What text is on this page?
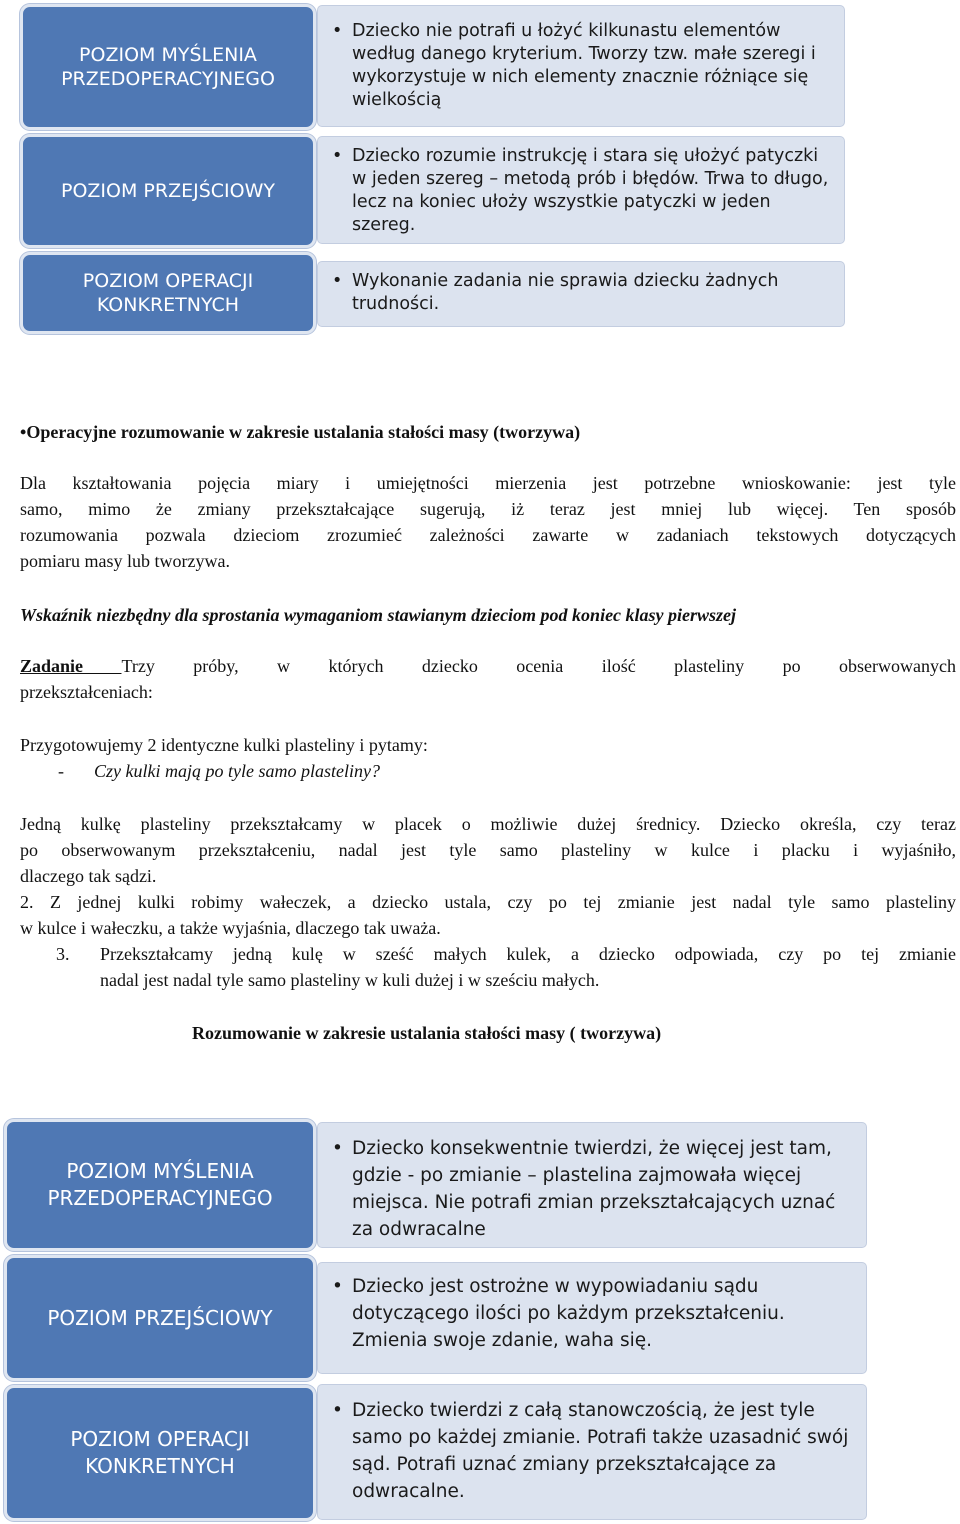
• Dziecko nie potrafi u łożyć kilkunastu elementów według danego kryterium. Tworzy tzw. małe szeregi i wykorzystuje w nich elementy znacznie różniące się wielkością
POZIOM MYŚLENIA
PRZEDOPERACYJNEGO
• Dziecko rozumie instrukcję i stara się ułożyć patyczki w jeden szereg – metodą prób i błędów. Trwa to długo, lecz na koniec ułoży wszystkie patyczki w jeden szereg.
POZIOM PRZEJŚCIOWY
• Wykonanie zadania nie sprawia dziecku żadnych trudności.
POZIOM OPERACJI
KONKRETNYCH
•Operacyjne rozumowanie w zakresie ustalania stałości masy (tworzywa)
Dla kształtowania pojęcia miary i umiejętności mierzenia jest potrzebne wnioskowanie: jest tyle
samo, mimo że zmiany przekształcające sugerują, iż teraz jest mniej lub więcej. Ten sposób
rozumowania pozwala dzieciom zrozumieć zależności zawarte w zadaniach tekstowych dotyczących
pomiaru masy lub tworzywa.
Wskaźnik niezbędny dla sprostania wymaganiom stawianym dzieciom pod koniec klasy pierwszej
Zadanie Trzy próby, w których dziecko ocenia ilość plasteliny po obserwowanych
przekształceniach:
Przygotowujemy 2 identyczne kulki plasteliny i pytamy:
- Czy kulki mają po tyle samo plasteliny?
Jedną kulkę plasteliny przekształcamy w placek o możliwie dużej średnicy. Dziecko określa, czy teraz
po obserwowanym przekształceniu, nadal jest tyle samo plasteliny w kulce i placku i wyjaśniło,
dlaczego tak sądzi.
2. Z jednej kulki robimy wałeczek, a dziecko ustala, czy po tej zmianie jest nadal tyle samo plasteliny
w kulce i wałeczku, a także wyjaśnia, dlaczego tak uważa.
3.	Przekształcamy jedną kulę w sześć małych kulek, a dziecko odpowiada, czy po tej zmianie
nadal jest nadal tyle samo plasteliny w kuli dużej i w sześciu małych.
Rozumowanie w zakresie ustalania stałości masy ( tworzywa)
• Dziecko konsekwentnie twierdzi, że więcej jest tam, gdzie - po zmianie – plastelina zajmowała więcej miejsca. Nie potrafi zmian przekształcających uznać za odwracalne
POZIOM MYŚLENIA
PRZEDOPERACYJNEGO
• Dziecko jest ostrożne w wypowiadaniu sądu dotyczącego ilości po każdym przekształceniu. Zmienia swoje zdanie, waha się.
POZIOM PRZEJŚCIOWY
• Dziecko twierdzi z całą stanowczością, że jest tyle samo po każdej zmianie. Potrafi także uzasadnić swój sąd. Potrafi uznać zmiany przekształcające za odwracalne.
POZIOM OPERACJI
KONKRETNYCH
